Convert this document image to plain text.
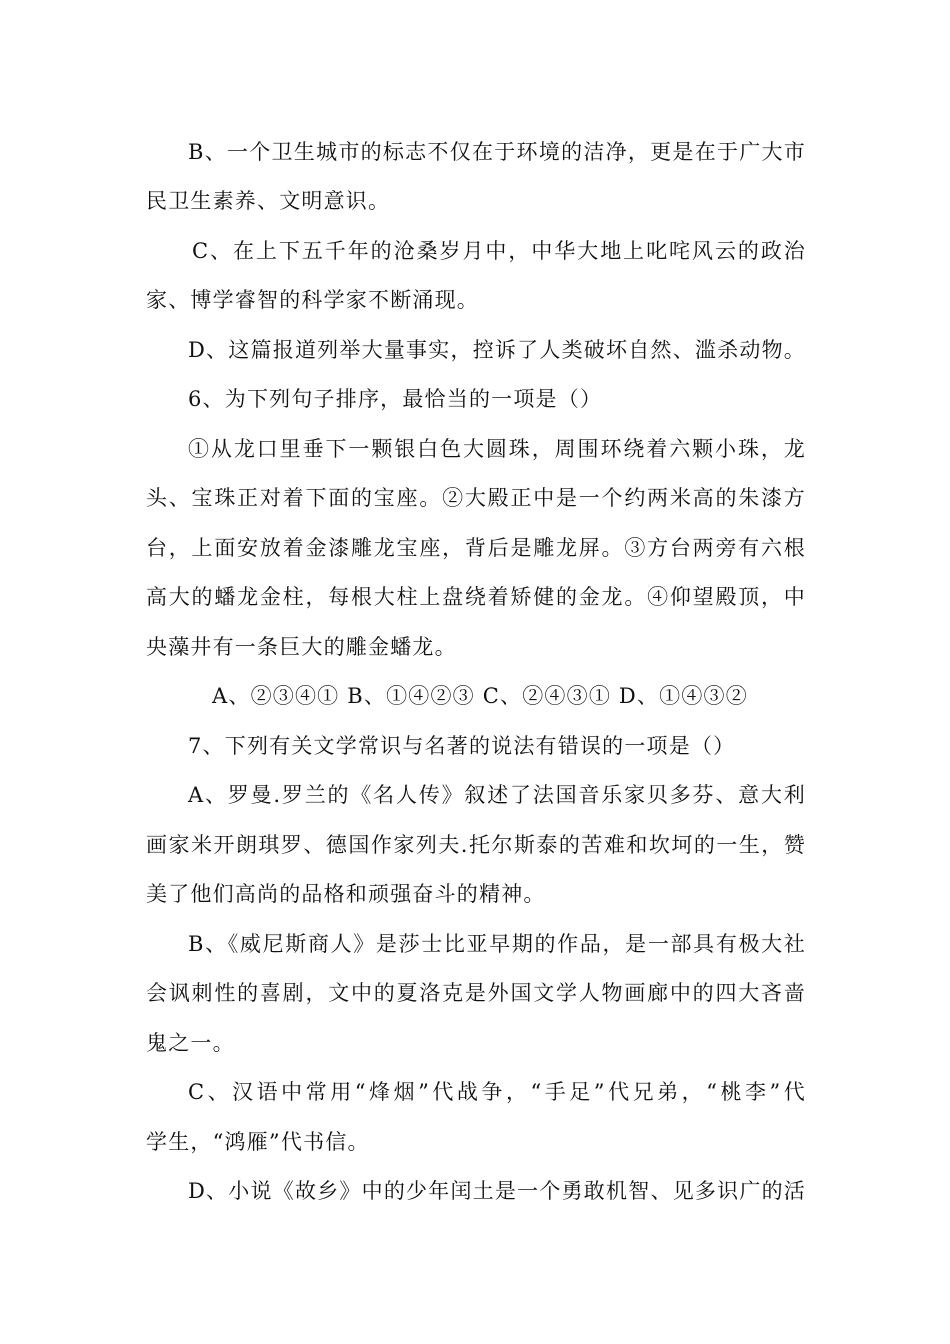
B、一个卫生城市的标志不仅在于环境的洁净，更是在于广大市
民卫生素养、文明意识。
C、在上下五千年的沧桑岁月中，中华大地上叱咤风云的政治
家、博学睿智的科学家不断涌现。
D、这篇报道列举大量事实，控诉了人类破坏自然、滥杀动物。
6、为下列句子排序，最恰当的一项是（）
①从龙口里垂下一颗银白色大圆珠，周围环绕着六颗小珠，龙
头、宝珠正对着下面的宝座。②大殿正中是一个约两米高的朱漆方
台，上面安放着金漆雕龙宝座，背后是雕龙屏。③方台两旁有六根
高大的蟠龙金柱，每根大柱上盘绕着矫健的金龙。④仰望殿顶，中
央藻井有一条巨大的雕金蟠龙。
A、②③④① B、①④②③ C、②④③① D、①④③②
7、下列有关文学常识与名著的说法有错误的一项是（）
A、罗曼.罗兰的《名人传》叙述了法国音乐家贝多芬、意大利
画家米开朗琪罗、德国作家列夫.托尔斯泰的苦难和坎坷的一生，赞
美了他们高尚的品格和顽强奋斗的精神。
B、《威尼斯商人》是莎士比亚早期的作品，是一部具有极大社
会讽刺性的喜剧，文中的夏洛克是外国文学人物画廊中的四大吝啬
鬼之一。
C、汉语中常用“烽烟”代战争，“手足”代兄弟，“桃李”代
学生，“鸿雁”代书信。
D、小说《故乡》中的少年闰土是一个勇敢机智、见多识广的活
